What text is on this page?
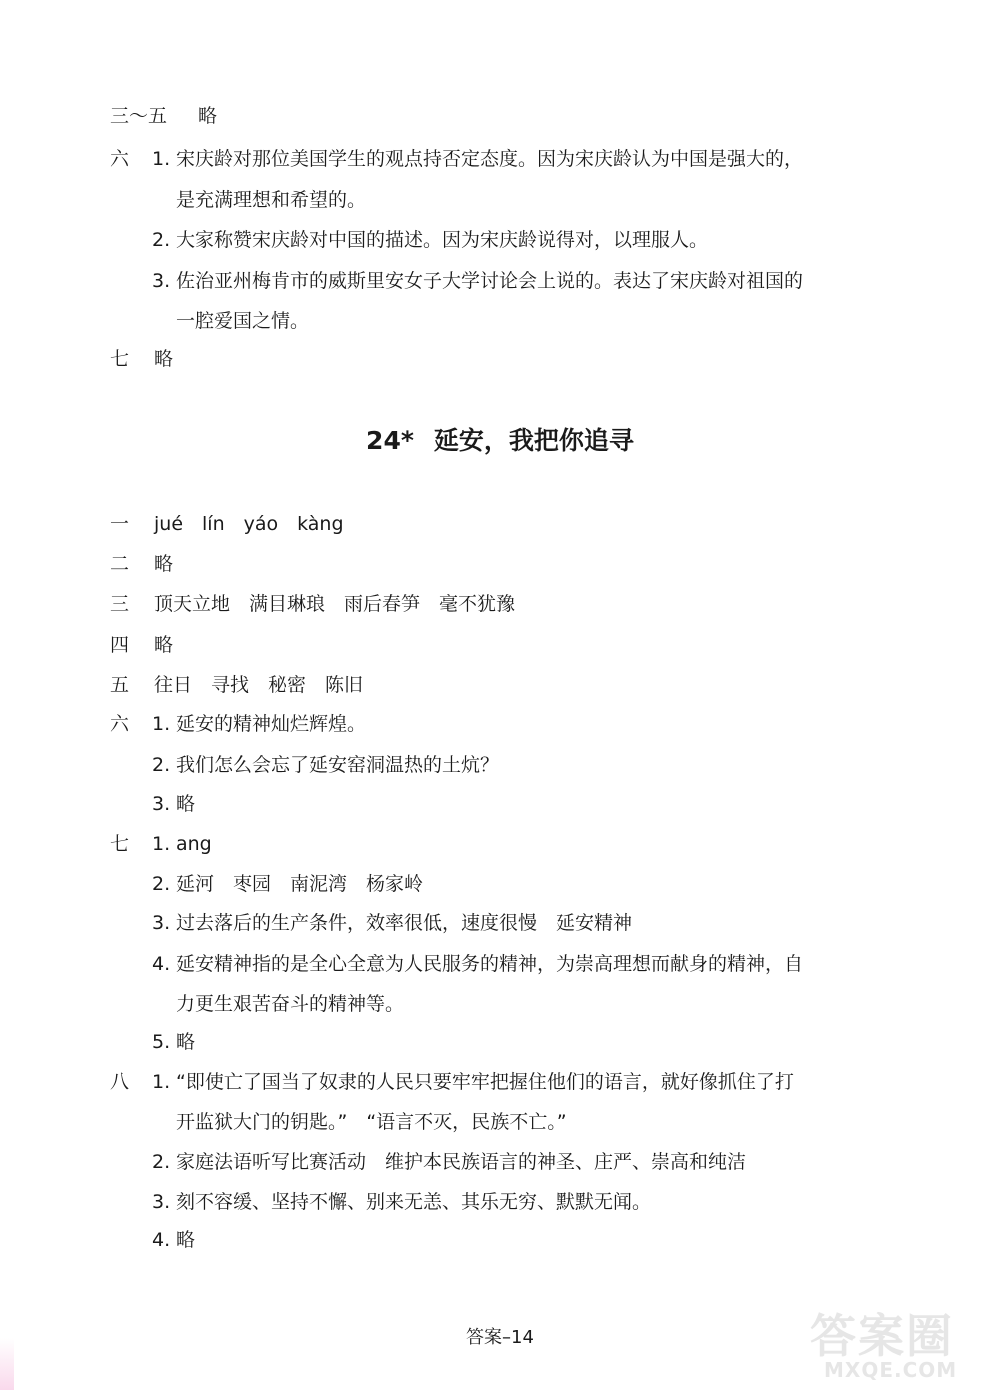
三～五 略
六 1. 宋庆龄对那位美国学生的观点持否定态度。因为宋庆龄认为中国是强大的，
是充满理想和希望的。
2. 大家称赞宋庆龄对中国的描述。因为宋庆龄说得对，以理服人。
3. 佐治亚州梅肯市的威斯里安女子大学讨论会上说的。表达了宋庆龄对祖国的
一腔爱国之情。
七 略
24* 延安，我把你追寻
一 jué　lín　yáo　kàng
二 略
三 顶天立地　满目琳琅　雨后春笋　毫不犹豫
四 略
五 往日　寻找　秘密　陈旧
六 1. 延安的精神灿烂辉煌。
2. 我们怎么会忘了延安窑洞温热的土炕？
3. 略
七 1. ang
2. 延河　枣园　南泥湾　杨家岭
3. 过去落后的生产条件，效率很低，速度很慢　延安精神
4. 延安精神指的是全心全意为人民服务的精神，为崇高理想而献身的精神，自
力更生艰苦奋斗的精神等。
5. 略
八 1. “即使亡了国当了奴隶的人民只要牢牢把握住他们的语言，就好像抓住了打
开监狱大门的钥匙。”　“语言不灭，民族不亡。”
2. 家庭法语听写比赛活动　维护本民族语言的神圣、庄严、崇高和纯洁
3. 刻不容缓、坚持不懈、别来无恙、其乐无穷、默默无闻。
4. 略
答案–14	答案圈
MXQE.COM
